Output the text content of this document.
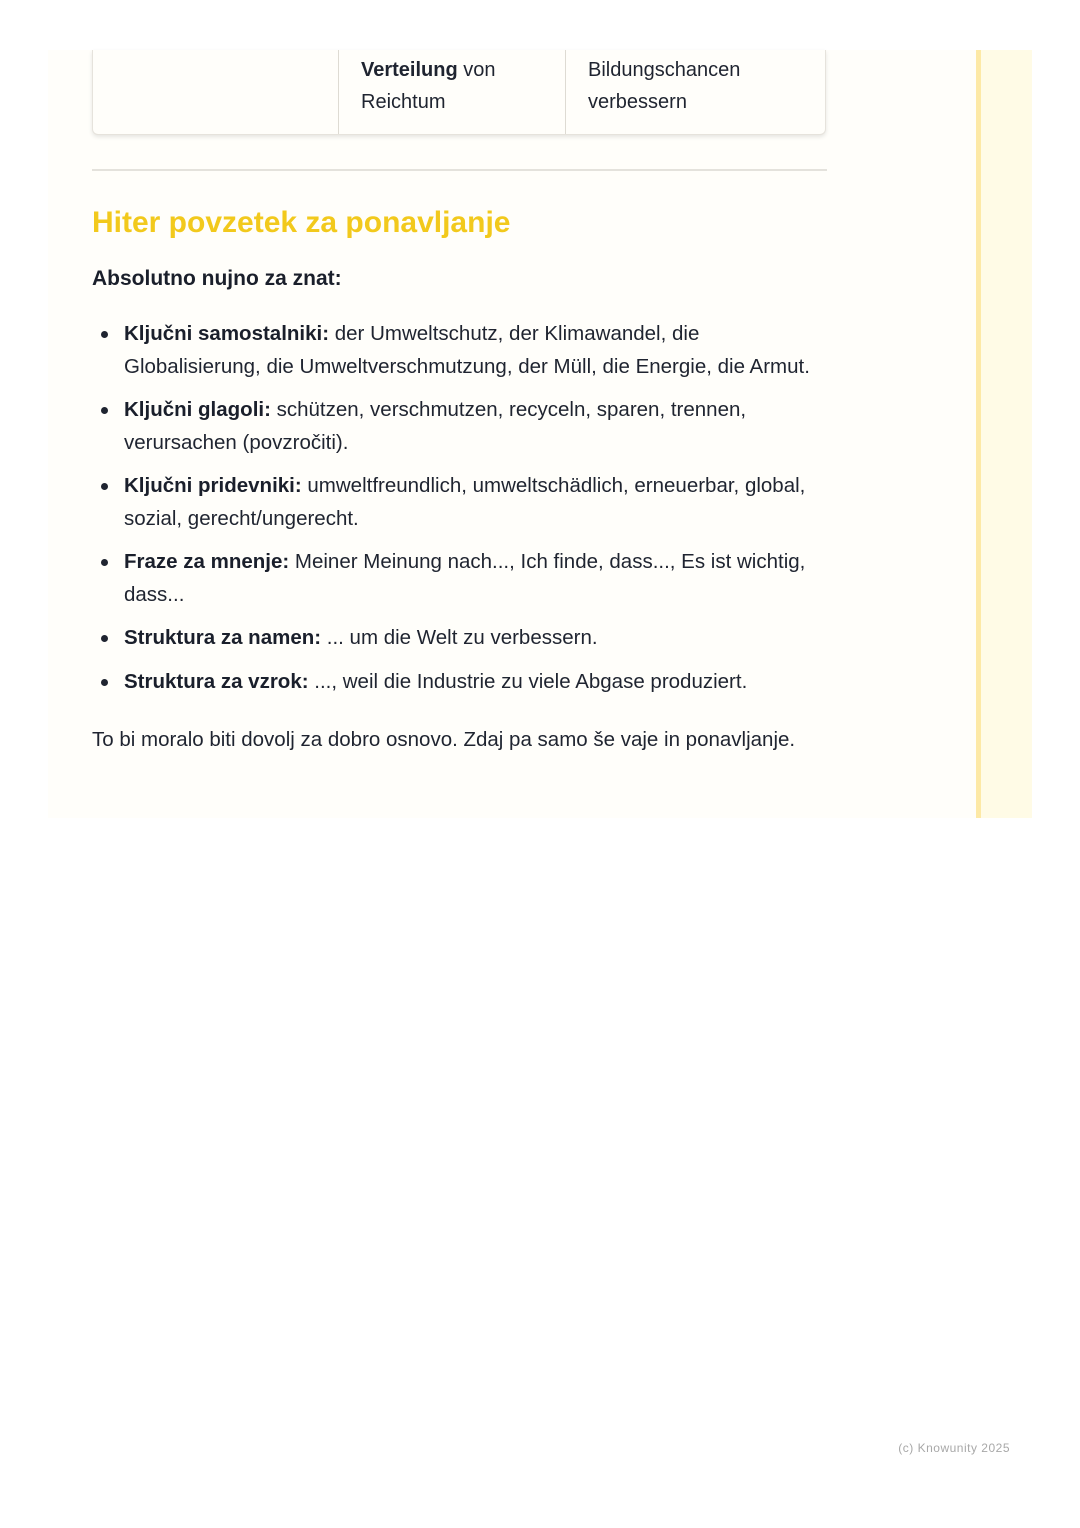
Verteilung von Reichtum
Bildungschancen verbessern
Hiter povzetek za ponavljanje

Absolutno nujno za znat:

Ključni samostalniki: der Umweltschutz, der Klimawandel, die Globalisierung, die Umweltverschmutzung, der Müll, die Energie, die Armut.
Ključni glagoli: schützen, verschmutzen, recyceln, sparen, trennen, verursachen (povzročiti).
Ključni pridevniki: umweltfreundlich, umweltschädlich, erneuerbar, global, sozial, gerecht/ungerecht.
Fraze za mnenje: Meiner Meinung nach..., Ich finde, dass..., Es ist wichtig, dass...
Struktura za namen: ... um die Welt zu verbessern.
Struktura za vzrok: ..., weil die Industrie zu viele Abgase produziert.

To bi moralo biti dovolj za dobro osnovo. Zdaj pa samo še vaje in ponavljanje.

(c) Knowunity 2025
